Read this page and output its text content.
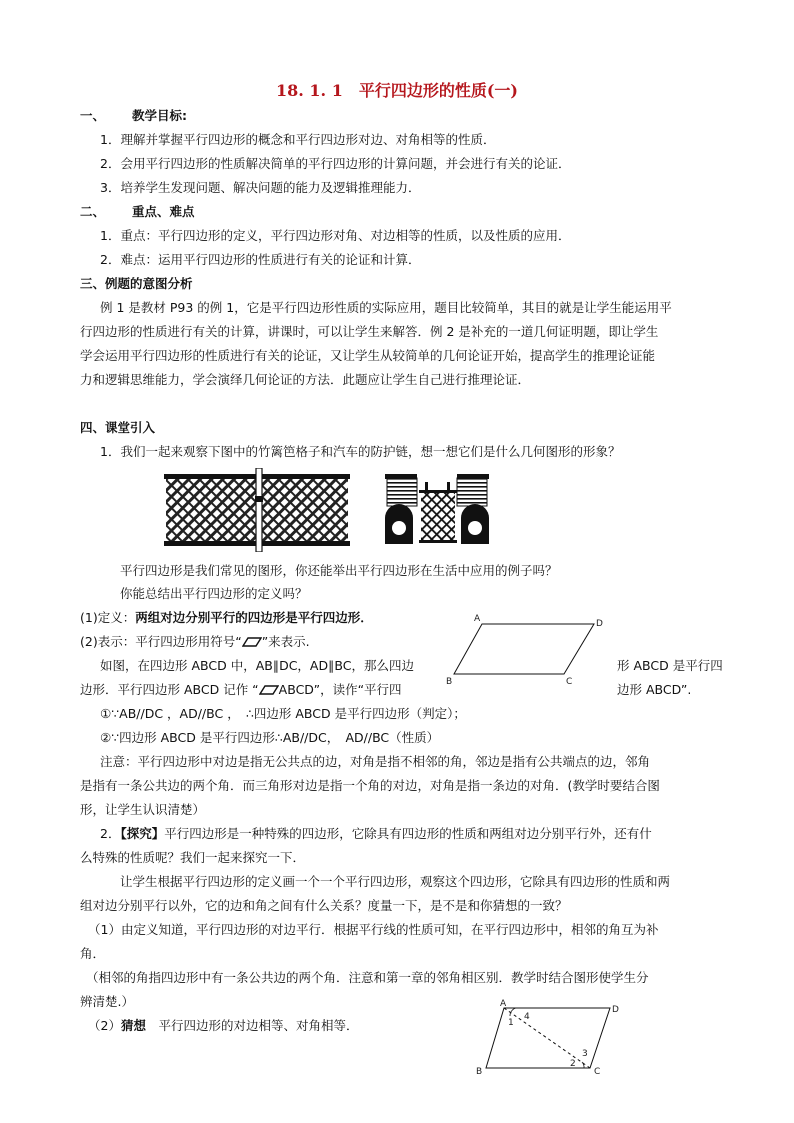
18. 1. 1　平行四边形的性质(一)
一、 教学目标:
1．理解并掌握平行四边形的概念和平行四边形对边、对角相等的性质．
2．会用平行四边形的性质解决简单的平行四边形的计算问题，并会进行有关的论证．
3．培养学生发现问题、解决问题的能力及逻辑推理能力．
二、 重点、难点
1．重点：平行四边形的定义，平行四边形对角、对边相等的性质，以及性质的应用．
2．难点：运用平行四边形的性质进行有关的论证和计算．
三、例题的意图分析
例 1 是教材 P93 的例 1，它是平行四边形性质的实际应用，题目比较简单，其目的就是让学生能运用平
行四边形的性质进行有关的计算，讲课时，可以让学生来解答．例 2 是补充的一道几何证明题，即让学生
学会运用平行四边形的性质进行有关的论证，又让学生从较简单的几何论证开始，提高学生的推理论证能
力和逻辑思维能力，学会演绎几何论证的方法．此题应让学生自己进行推理论证．
四、课堂引入
1．我们一起来观察下图中的竹篱笆格子和汽车的防护链，想一想它们是什么几何图形的形象？
平行四边形是我们常见的图形，你还能举出平行四边形在生活中应用的例子吗？
你能总结出平行四边形的定义吗？
(1)定义：两组对边分别平行的四边形是平行四边形．
(2)表示：平行四边形用符号“ ”来表示.
如图，在四边形 ABCD 中，AB∥DC，AD∥BC，那么四边	形 ABCD 是平行四
边形．平行四边形 ABCD 记作 “ ABCD”，读作“平行四	边形 ABCD”.
A	D
B	C
①∵AB//DC ，AD//BC ，　∴四边形 ABCD 是平行四边形（判定）；
②∵四边形 ABCD 是平行四边形∴AB//DC，　AD//BC（性质）
注意：平行四边形中对边是指无公共点的边，对角是指不相邻的角，邻边是指有公共端点的边，邻角
是指有一条公共边的两个角．而三角形对边是指一个角的对边，对角是指一条边的对角．(教学时要结合图
形，让学生认识清楚）
2．【探究】平行四边形是一种特殊的四边形，它除具有四边形的性质和两组对边分别平行外，还有什
么特殊的性质呢？我们一起来探究一下．
让学生根据平行四边形的定义画一个一个平行四边形，观察这个四边形，它除具有四边形的性质和两
组对边分别平行以外，它的边和角之间有什么关系？度量一下，是不是和你猜想的一致？
（1）由定义知道，平行四边形的对边平行．根据平行线的性质可知，在平行四边形中，相邻的角互为补
角．
（相邻的角指四边形中有一条公共边的两个角．注意和第一章的邻角相区别．教学时结合图形使学生分
辨清楚.）
（2）猜想　平行四边形的对边相等、对角相等．
A
D
B	C
1
4
2
3
